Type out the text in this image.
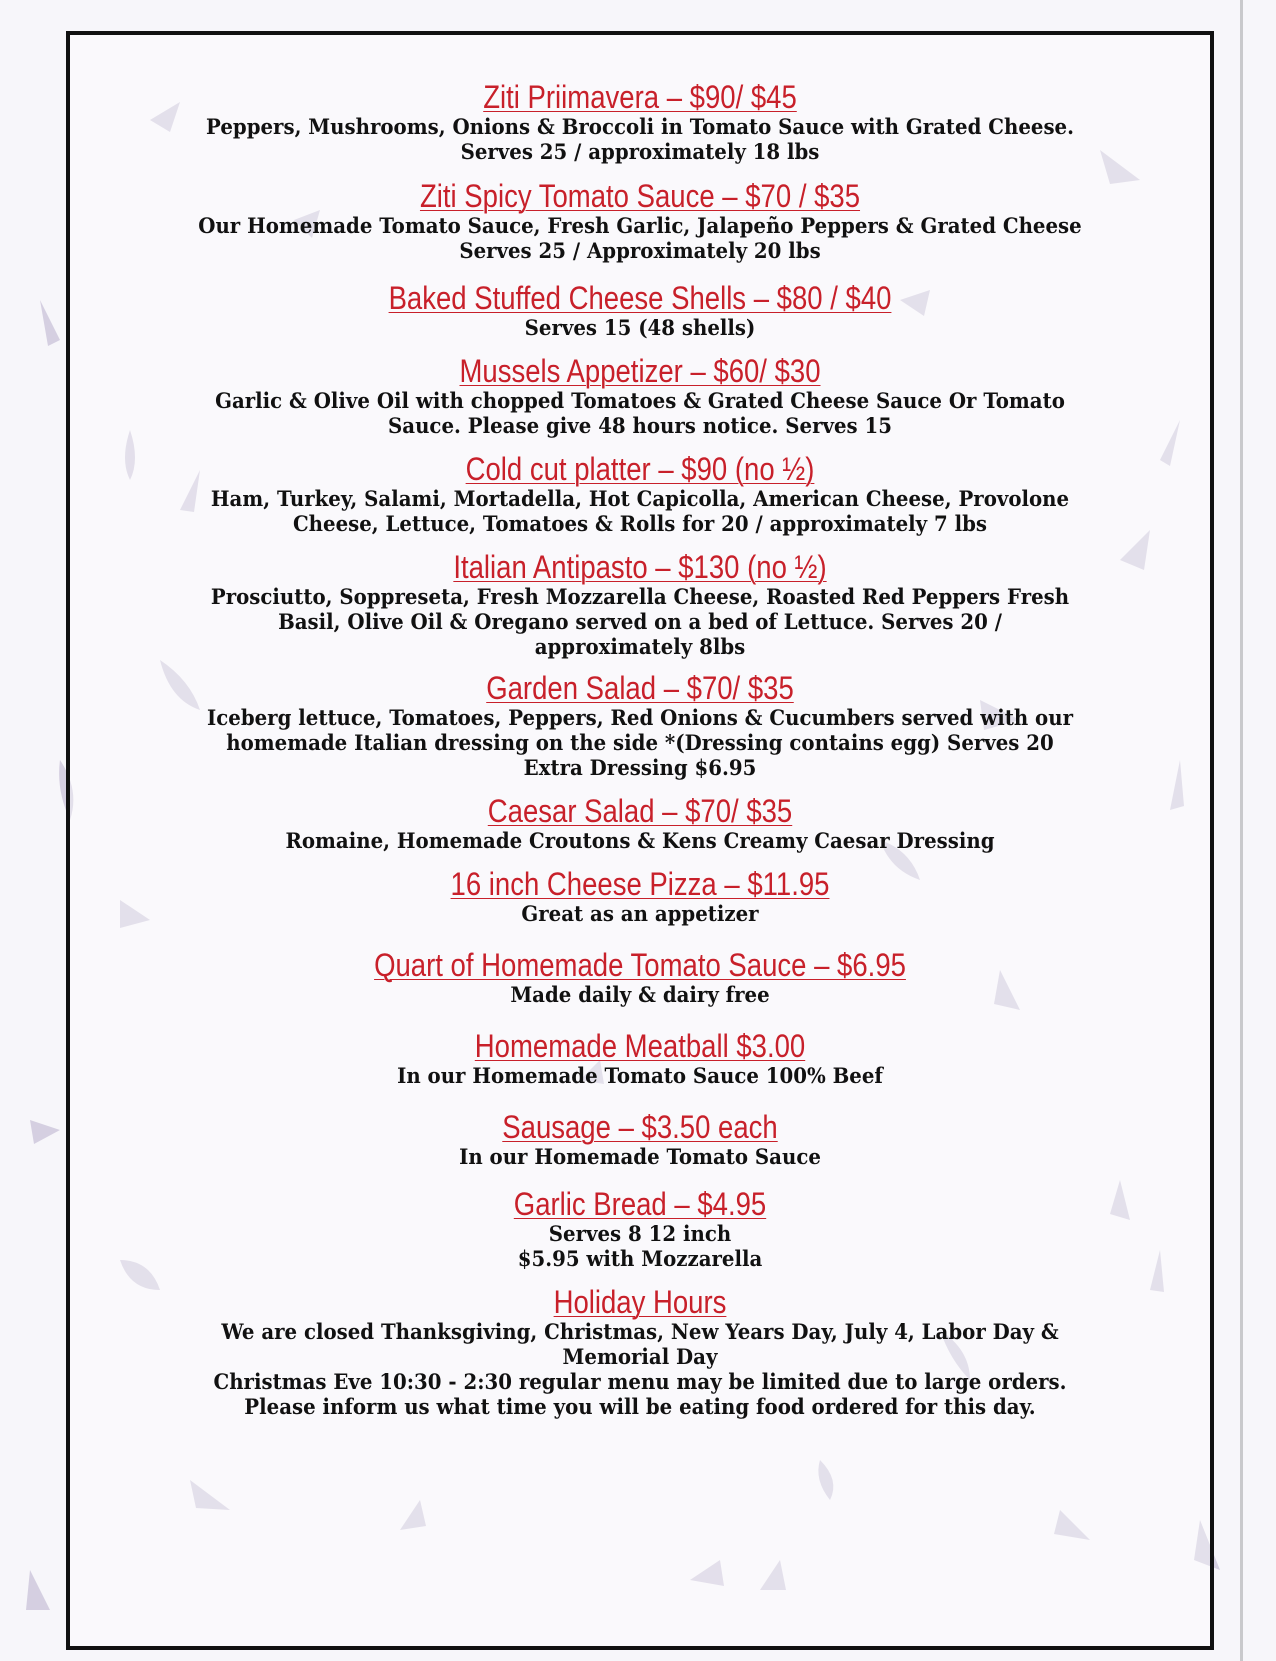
Ziti Priimavera – $90/ $45
Peppers, Mushrooms, Onions & Broccoli in Tomato Sauce with Grated Cheese.
Serves 25 / approximately 18 lbs
Ziti Spicy Tomato Sauce – $70 / $35
Our Homemade Tomato Sauce, Fresh Garlic, Jalapeño Peppers & Grated Cheese
Serves 25 / Approximately 20 lbs
Baked Stuffed Cheese Shells – $80 / $40
Serves 15 (48 shells)
Mussels Appetizer – $60/ $30
Garlic & Olive Oil with chopped Tomatoes & Grated Cheese Sauce Or Tomato
Sauce. Please give 48 hours notice. Serves 15
Cold cut platter – $90 (no ½)
Ham, Turkey, Salami, Mortadella, Hot Capicolla, American Cheese, Provolone
Cheese, Lettuce, Tomatoes & Rolls for 20 / approximately 7 lbs
Italian Antipasto – $130 (no ½)
Prosciutto, Soppreseta, Fresh Mozzarella Cheese, Roasted Red Peppers Fresh
Basil, Olive Oil & Oregano served on a bed of Lettuce. Serves 20 /
approximately 8lbs
Garden Salad – $70/ $35
Iceberg lettuce, Tomatoes, Peppers, Red Onions & Cucumbers served with our
homemade Italian dressing on the side *(Dressing contains egg) Serves 20
Extra Dressing $6.95
Caesar Salad – $70/ $35
Romaine, Homemade Croutons & Kens Creamy Caesar Dressing
16 inch Cheese Pizza – $11.95
Great as an appetizer
Quart of Homemade Tomato Sauce – $6.95
Made daily & dairy free
Homemade Meatball $3.00
In our Homemade Tomato Sauce 100% Beef
Sausage – $3.50 each
In our Homemade Tomato Sauce
Garlic Bread – $4.95
Serves 8 12 inch
$5.95 with Mozzarella
Holiday Hours
We are closed Thanksgiving, Christmas, New Years Day, July 4, Labor Day &
Memorial Day
Christmas Eve 10:30 - 2:30 regular menu may be limited due to large orders.
Please inform us what time you will be eating food ordered for this day.
